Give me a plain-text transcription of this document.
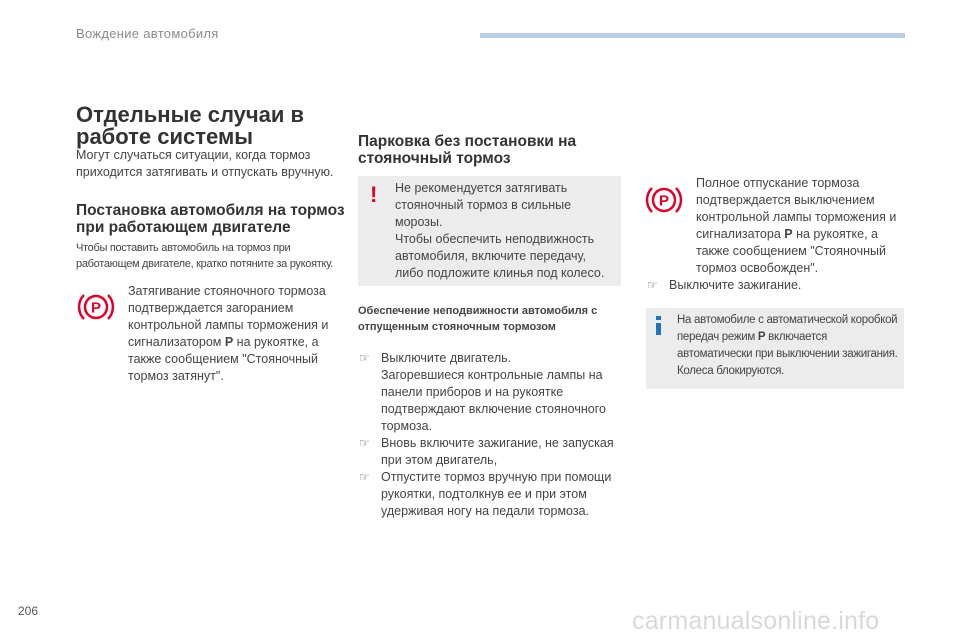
Вождение автомобиля
Отдельные случаи в работе системы
Могут случаться ситуации, когда тормоз приходится затягивать и отпускать вручную.
Постановка автомобиля на тормоз при работающем двигателе
Чтобы поставить автомобиль на тормоз при работающем двигателе, кратко потяните за рукоятку.
P
Затягивание стояночного тормоза подтверждается загоранием контрольной лампы торможения и сигнализатором P на рукоятке, а также сообщением "Стояночный тормоз затянут".
Парковка без постановки на стояночный тормоз
! Не рекомендуется затягивать стояночный тормоз в сильные морозы.
Чтобы обеспечить неподвижность автомобиля, включите передачу, либо подложите клинья под колесо.
Обеспечение неподвижности автомобиля с отпущенным стояночным тормозом
☞ Выключите двигатель.
Загоревшиеся контрольные лампы на панели приборов и на рукоятке подтверждают включение стояночного тормоза.
☞ Вновь включите зажигание, не запуская при этом двигатель,
☞ Отпустите тормоз вручную при помощи рукоятки, подтолкнув ее и при этом удерживая ногу на педали тормоза.
P
Полное отпускание тормоза подтверждается выключением контрольной лампы торможения и сигнализатора P на рукоятке, а также сообщением "Стояночный тормоз освобожден".
☞ Выключите зажигание.
На автомобиле с автоматической коробкой передач режим P включается автоматически при выключении зажигания. Колеса блокируются.
206	carmanualsonline.info
